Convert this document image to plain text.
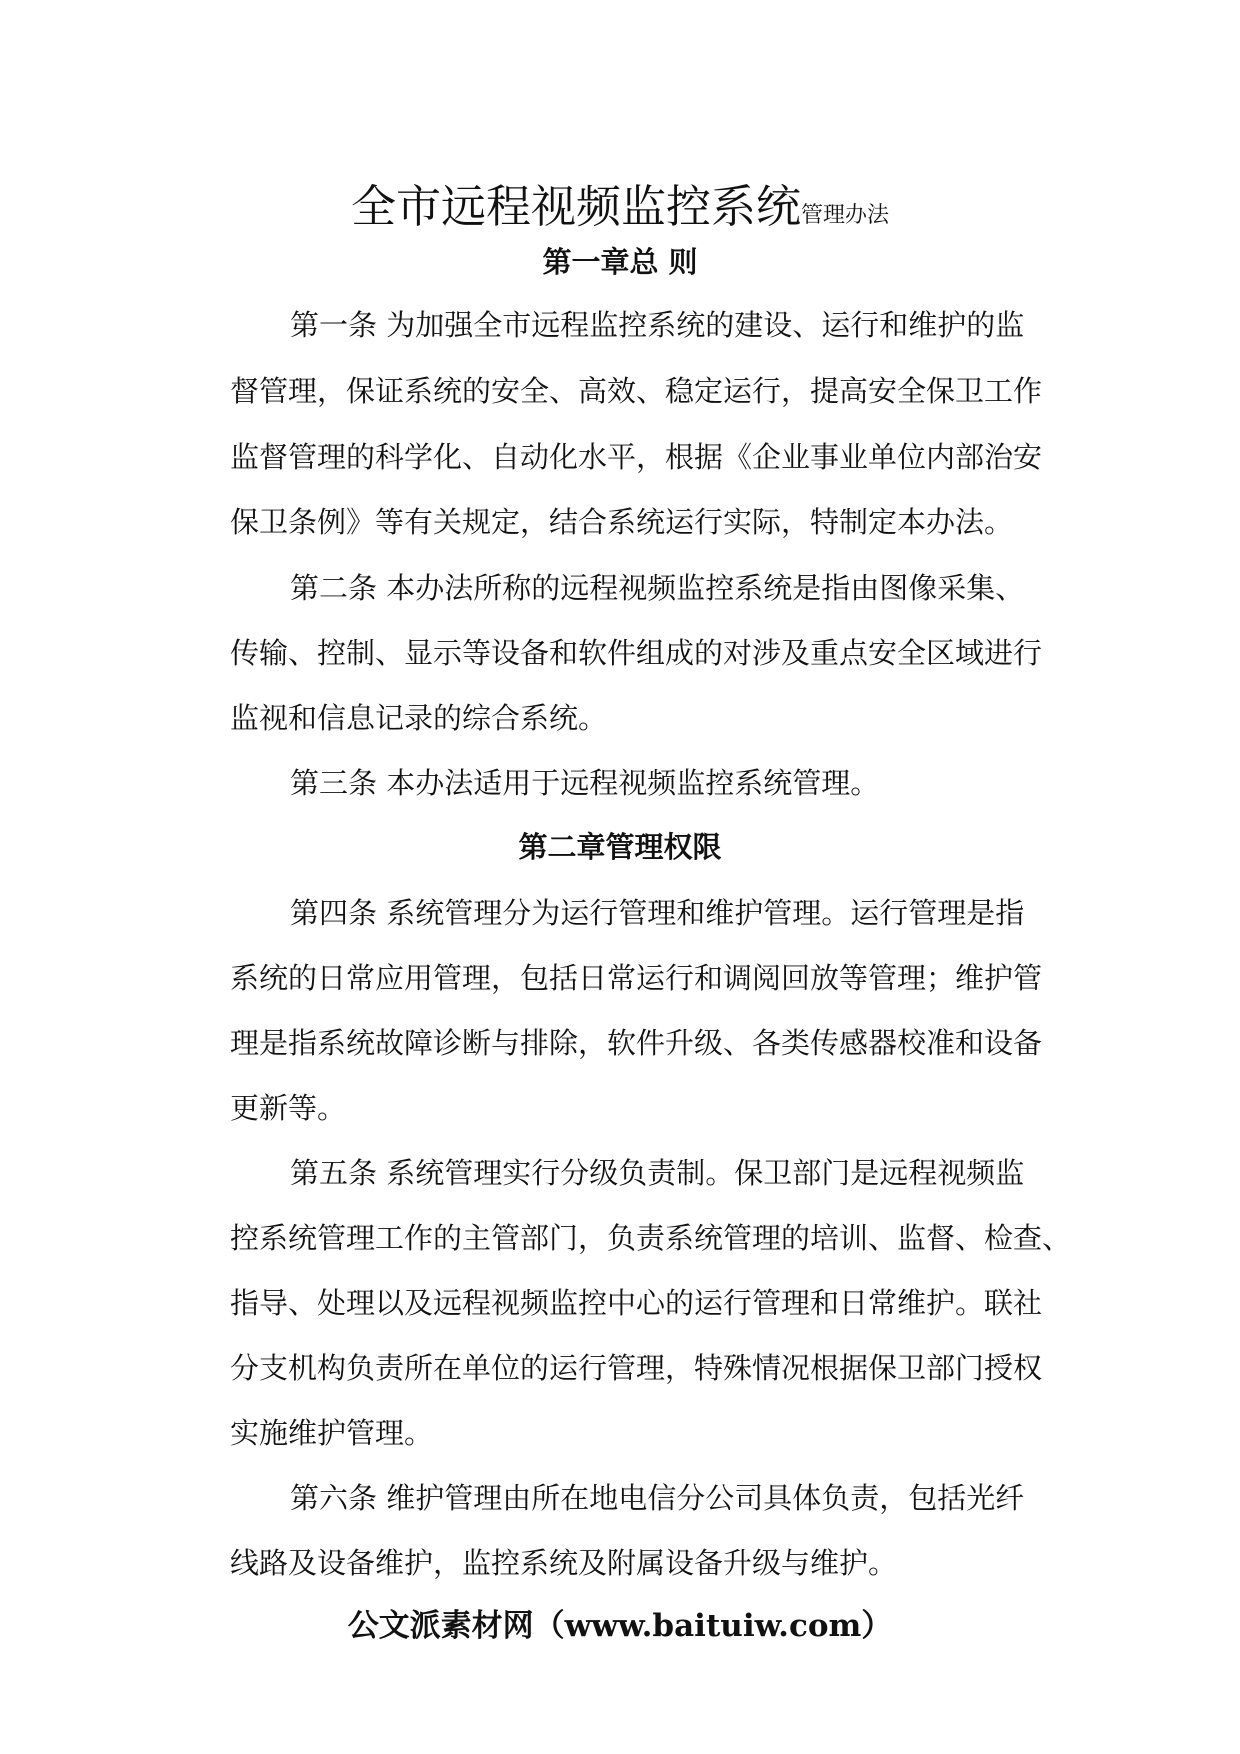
全市远程视频监控系统管理办法
第一章总 则
第一条 为加强全市远程监控系统的建设、运行和维护的监
督管理，保证系统的安全、高效、稳定运行，提高安全保卫工作
监督管理的科学化、自动化水平，根据《企业事业单位内部治安
保卫条例》等有关规定，结合系统运行实际，特制定本办法。
第二条 本办法所称的远程视频监控系统是指由图像采集、
传输、控制、显示等设备和软件组成的对涉及重点安全区域进行
监视和信息记录的综合系统。
第三条 本办法适用于远程视频监控系统管理。
第二章管理权限
第四条 系统管理分为运行管理和维护管理。运行管理是指
系统的日常应用管理，包括日常运行和调阅回放等管理；维护管
理是指系统故障诊断与排除，软件升级、各类传感器校准和设备
更新等。
第五条 系统管理实行分级负责制。保卫部门是远程视频监
控系统管理工作的主管部门，负责系统管理的培训、监督、检查、
指导、处理以及远程视频监控中心的运行管理和日常维护。联社
分支机构负责所在单位的运行管理，特殊情况根据保卫部门授权
实施维护管理。
第六条 维护管理由所在地电信分公司具体负责，包括光纤
线路及设备维护，监控系统及附属设备升级与维护。
公文派素材网（www.baituiw.com）
